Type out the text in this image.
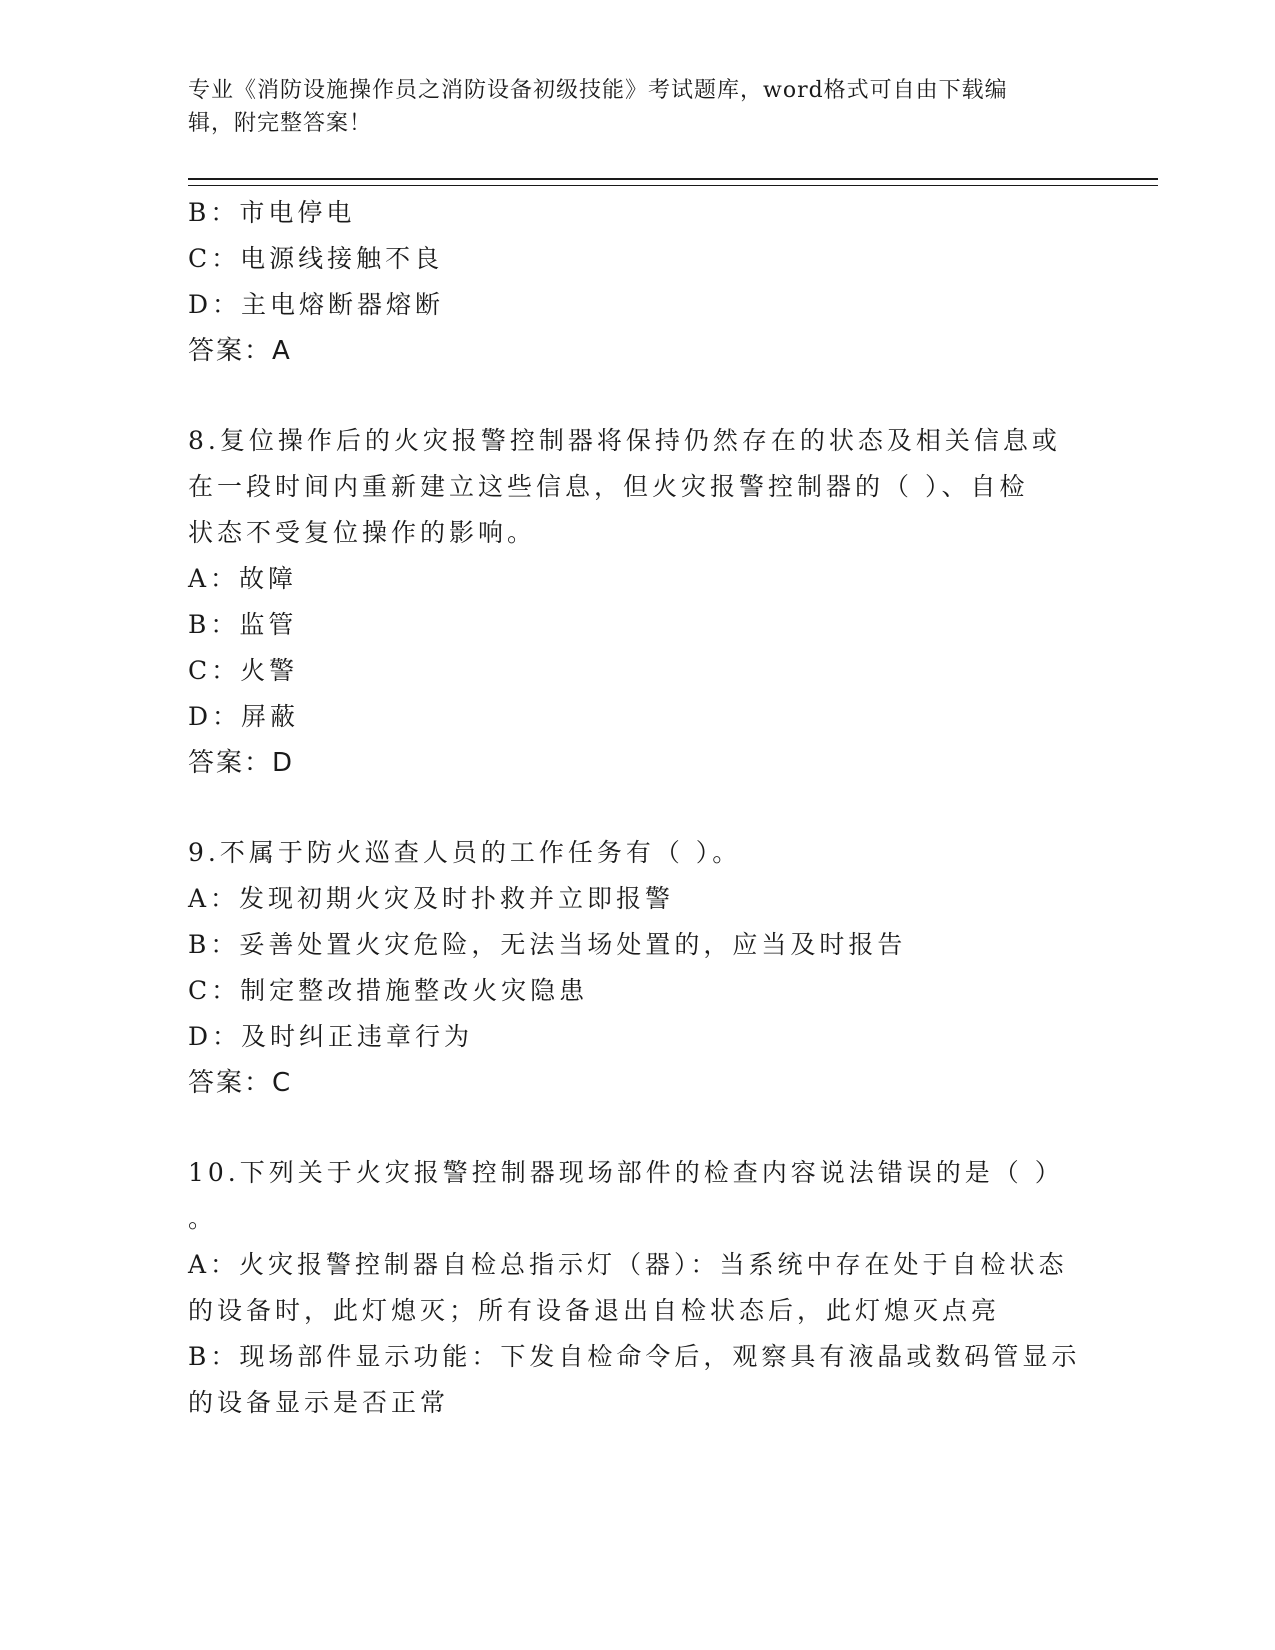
专业《消防设施操作员之消防设备初级技能》考试题库，word格式可自由下载编
辑，附完整答案！
B：市电停电
C：电源线接触不良
D：主电熔断器熔断
答案：A
8.复位操作后的火灾报警控制器将保持仍然存在的状态及相关信息或
在一段时间内重新建立这些信息，但火灾报警控制器的（ ）、自检
状态不受复位操作的影响。
A：故障
B：监管
C：火警
D：屏蔽
答案：D
9.不属于防火巡查人员的工作任务有（ ）。
A：发现初期火灾及时扑救并立即报警
B：妥善处置火灾危险，无法当场处置的，应当及时报告
C：制定整改措施整改火灾隐患
D：及时纠正违章行为
答案：C
10.下列关于火灾报警控制器现场部件的检查内容说法错误的是（ ）
。
A：火灾报警控制器自检总指示灯（器）：当系统中存在处于自检状态
的设备时，此灯熄灭；所有设备退出自检状态后，此灯熄灭点亮
B：现场部件显示功能：下发自检命令后，观察具有液晶或数码管显示
的设备显示是否正常
